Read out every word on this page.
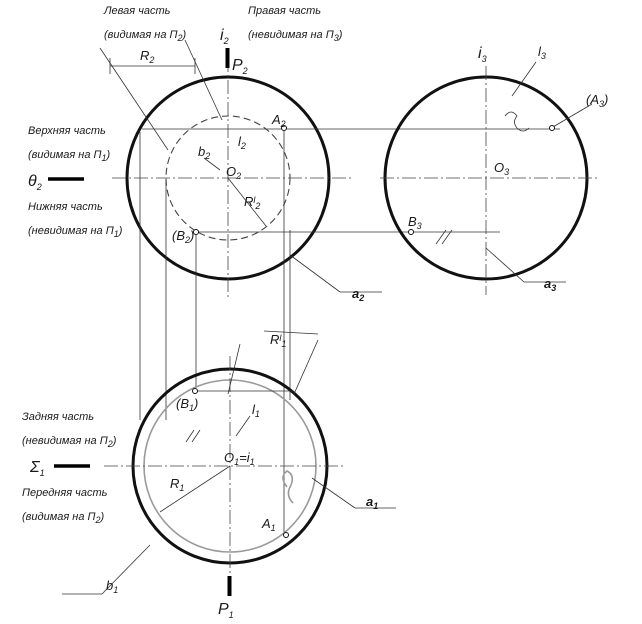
Левая часть
(видимая на $П_2$)
Правая часть
(невидимая на $П_3$)
Верхняя часть
(видимая на $П_1$)
Нижняя часть
(невидимая на $П_1$)
Задняя часть
(невидимая на $П_2$)
Передняя часть
(видимая на $П_2$)
$i_2$
$P_2$
$R_2$
$A_2$
$l_2$
$b_2$
$O_2$
$R^l_2$
$\theta_2$
$(B_2)$
$a_2$
$i_3$	$l_3$
$(A_3)$
$O_3$
$B_3$
$a_3$
$R^l_1$
$(B_1)$	$l_1$
$\Sigma_1$
$O_1=i_1$
$R_1$
$a_1$
$A_1$
$b_1$
$P_1$
